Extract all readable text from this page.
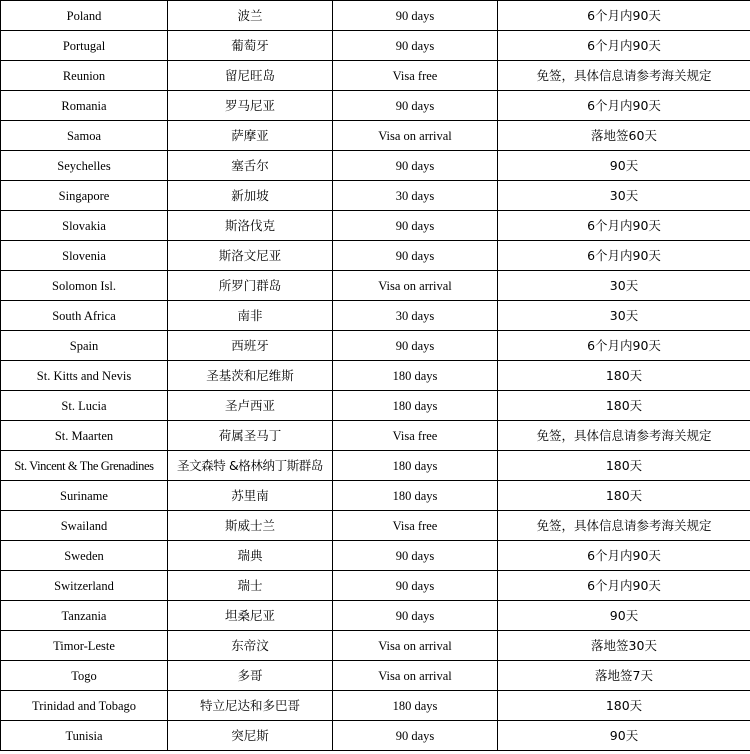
Poland	波兰	90 days	6个月内90天
Portugal	葡萄牙	90 days	6个月内90天
Reunion	留尼旺岛	Visa free	免签，具体信息请参考海关规定
Romania	罗马尼亚	90 days	6个月内90天
Samoa	萨摩亚	Visa on arrival	落地签60天
Seychelles	塞舌尔	90 days	90天
Singapore	新加坡	30 days	30天
Slovakia	斯洛伐克	90 days	6个月内90天
Slovenia	斯洛文尼亚	90 days	6个月内90天
Solomon Isl.	所罗门群岛	Visa on arrival	30天
South Africa	南非	30 days	30天
Spain	西班牙	90 days	6个月内90天
St. Kitts and Nevis	圣基茨和尼维斯	180 days	180天
St. Lucia	圣卢西亚	180 days	180天
St. Maarten	荷属圣马丁	Visa free	免签，具体信息请参考海关规定
St. Vincent & The Grenadines	圣文森特 &格林纳丁斯群岛	180 days	180天
Suriname	苏里南	180 days	180天
Swailand	斯威士兰	Visa free	免签，具体信息请参考海关规定
Sweden	瑞典	90 days	6个月内90天
Switzerland	瑞士	90 days	6个月内90天
Tanzania	坦桑尼亚	90 days	90天
Timor-Leste	东帝汶	Visa on arrival	落地签30天
Togo	多哥	Visa on arrival	落地签7天
Trinidad and Tobago	特立尼达和多巴哥	180 days	180天
Tunisia	突尼斯	90 days	90天
